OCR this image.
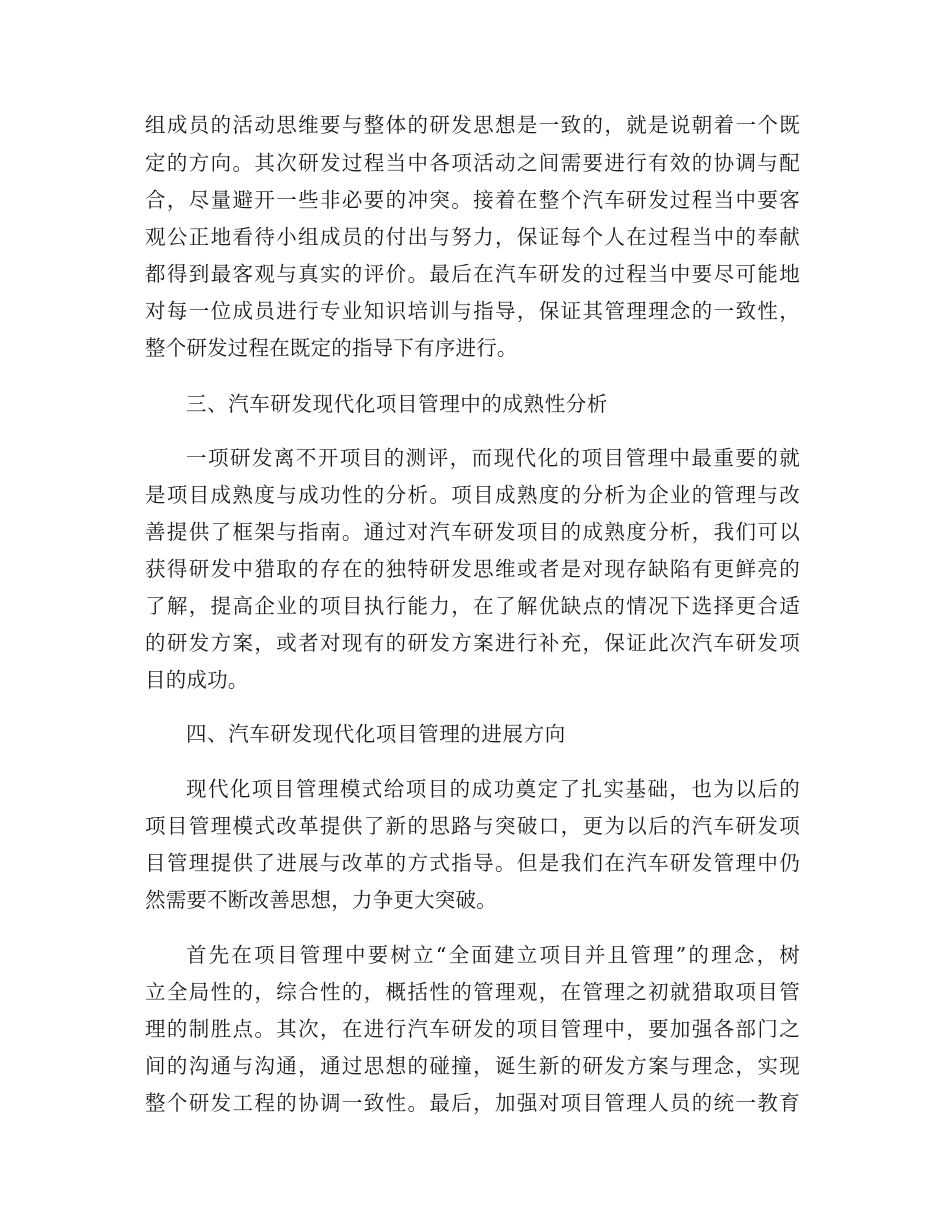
组成员的活动思维要与整体的研发思想是一致的，就是说朝着一个既
定的方向。其次研发过程当中各项活动之间需要进行有效的协调与配
合，尽量避开一些非必要的冲突。接着在整个汽车研发过程当中要客
观公正地看待小组成员的付出与努力，保证每个人在过程当中的奉献
都得到最客观与真实的评价。最后在汽车研发的过程当中要尽可能地
对每一位成员进行专业知识培训与指导，保证其管理理念的一致性，
整个研发过程在既定的指导下有序进行。
三、汽车研发现代化项目管理中的成熟性分析
一项研发离不开项目的测评，而现代化的项目管理中最重要的就
是项目成熟度与成功性的分析。项目成熟度的分析为企业的管理与改
善提供了框架与指南。通过对汽车研发项目的成熟度分析，我们可以
获得研发中猎取的存在的独特研发思维或者是对现存缺陷有更鲜亮的
了解，提高企业的项目执行能力，在了解优缺点的情况下选择更合适
的研发方案，或者对现有的研发方案进行补充，保证此次汽车研发项
目的成功。
四、汽车研发现代化项目管理的进展方向
现代化项目管理模式给项目的成功奠定了扎实基础，也为以后的
项目管理模式改革提供了新的思路与突破口，更为以后的汽车研发项
目管理提供了进展与改革的方式指导。但是我们在汽车研发管理中仍
然需要不断改善思想，力争更大突破。
首先在项目管理中要树立“全面建立项目并且管理”的理念，树
立全局性的，综合性的，概括性的管理观，在管理之初就猎取项目管
理的制胜点。其次，在进行汽车研发的项目管理中，要加强各部门之
间的沟通与沟通，通过思想的碰撞，诞生新的研发方案与理念，实现
整个研发工程的协调一致性。最后，加强对项目管理人员的统一教育
